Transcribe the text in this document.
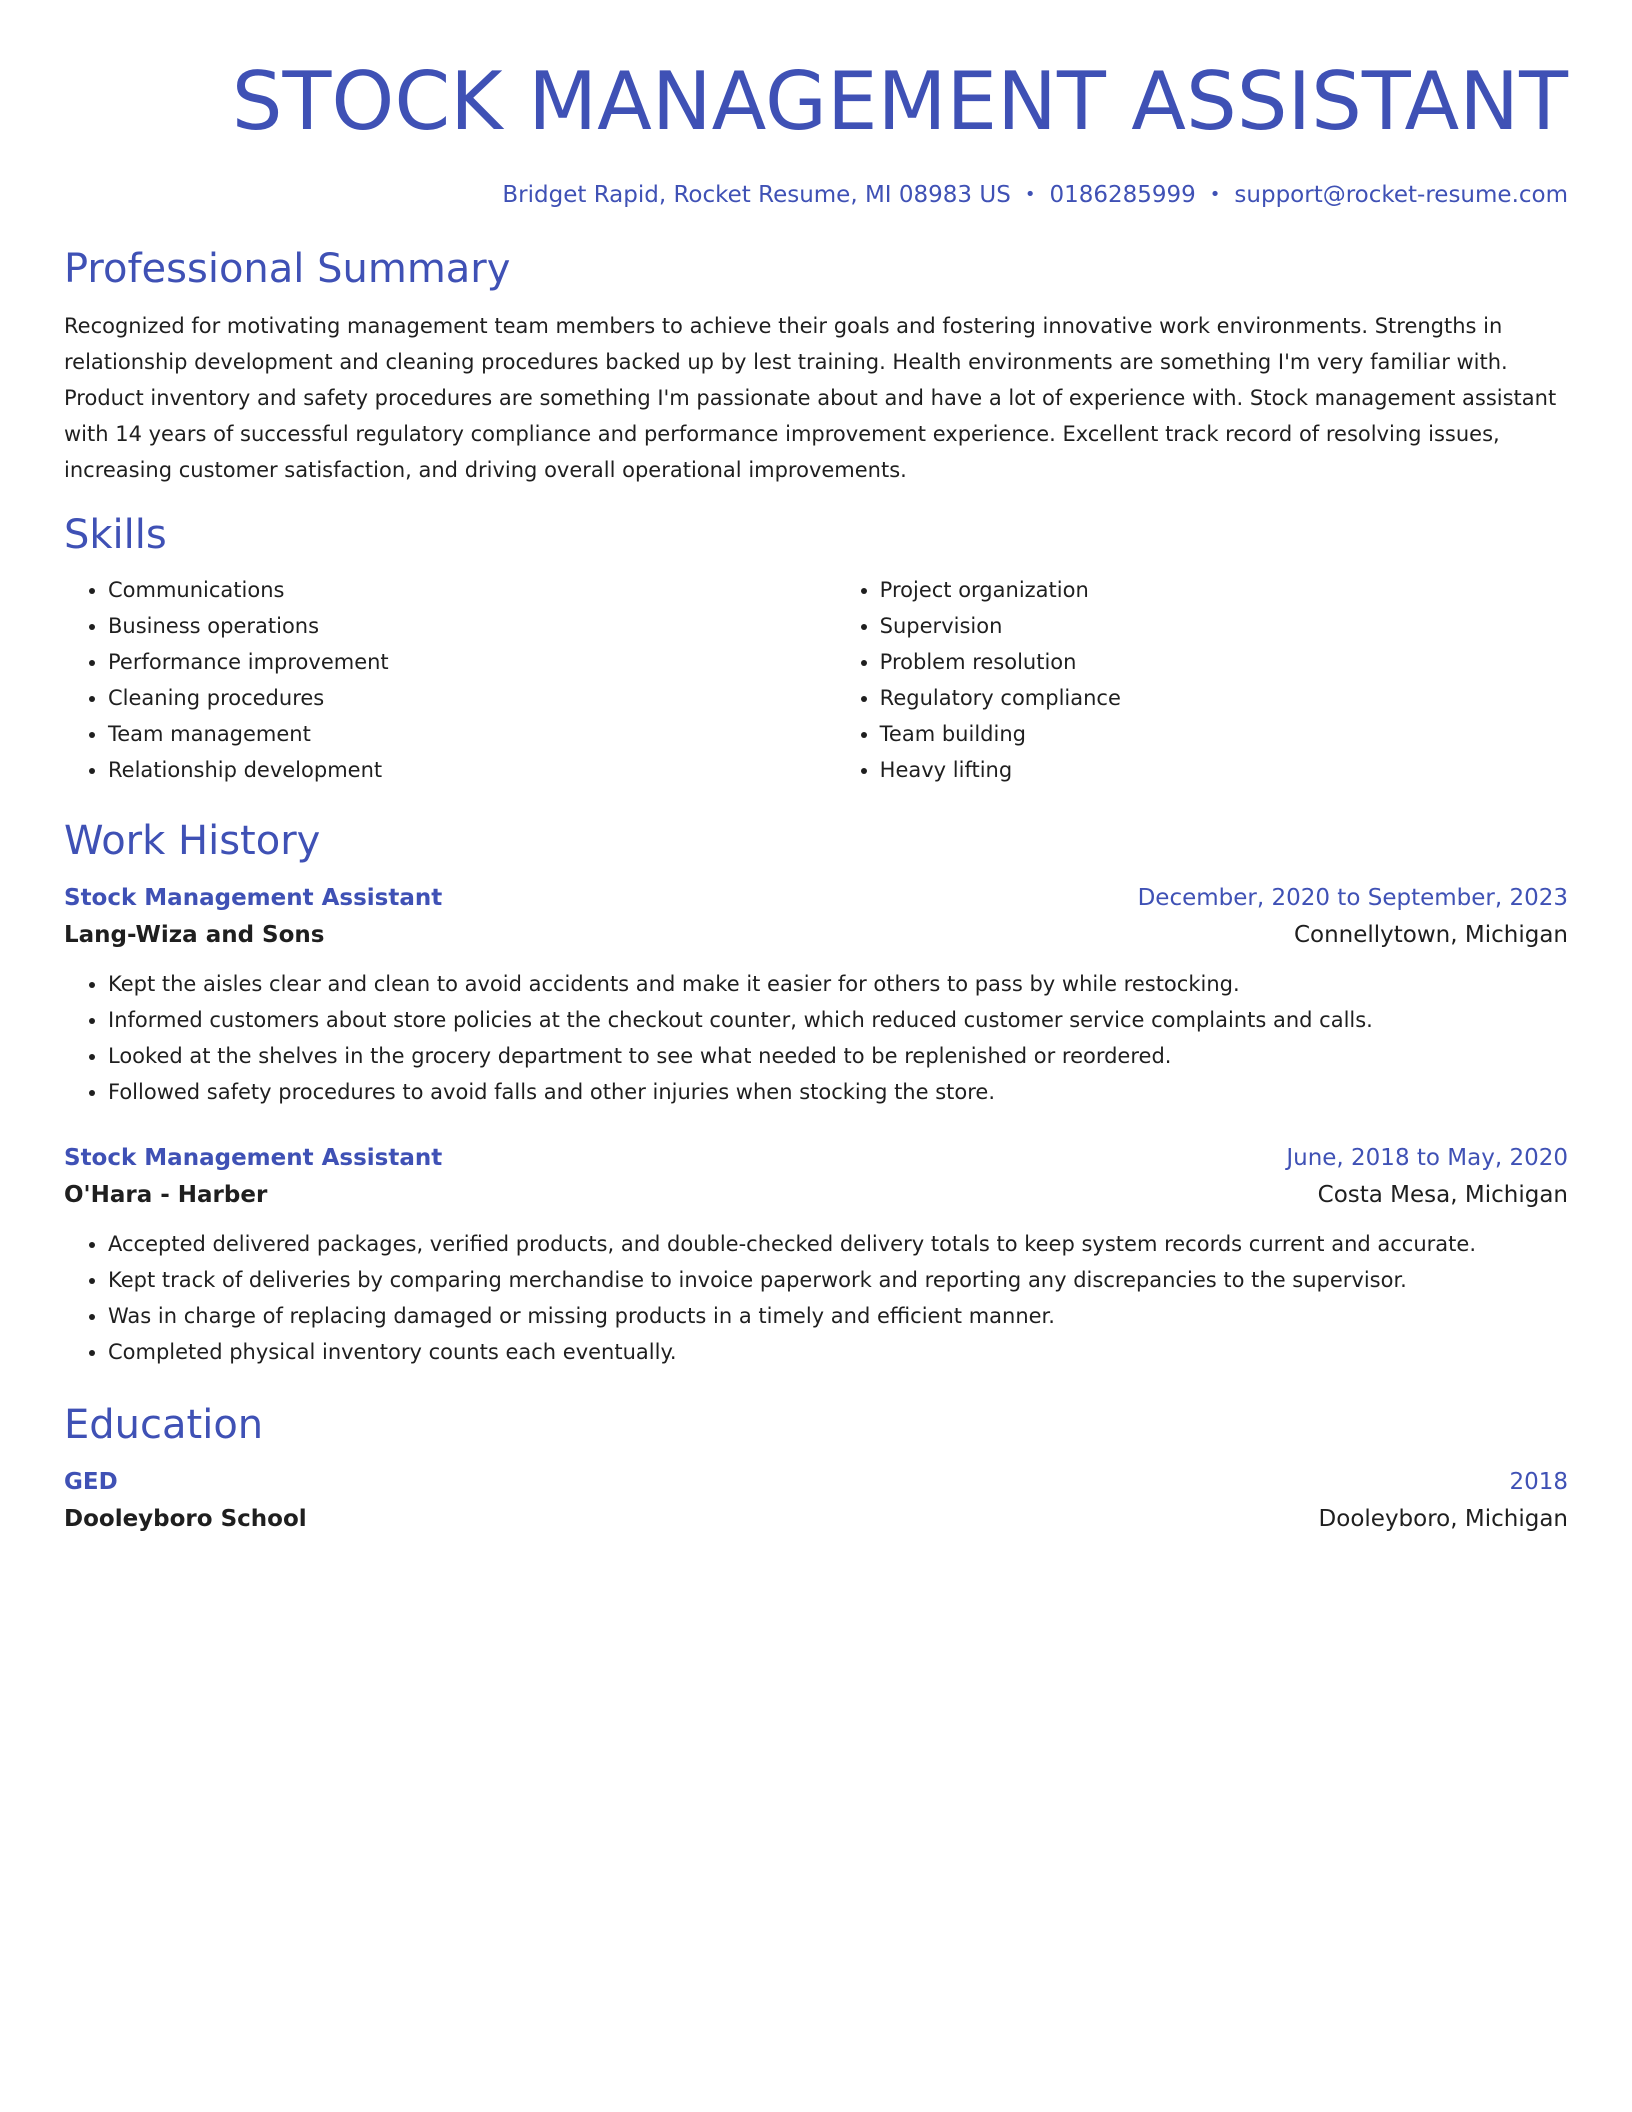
STOCK MANAGEMENT ASSISTANT
Bridget Rapid, Rocket Resume, MI 08983 US • 0186285999 • support@rocket-resume.com
Professional Summary

Recognized for motivating management team members to achieve their goals and fostering innovative work environments. Strengths in relationship development and cleaning procedures backed up by lest training. Health environments are something I'm very familiar with. Product inventory and safety procedures are something I'm passionate about and have a lot of experience with. Stock management assistant with 14 years of successful regulatory compliance and performance improvement experience. Excellent track record of resolving issues, increasing customer satisfaction, and driving overall operational improvements.

Skills
• Communications
• Business operations
• Performance improvement
• Cleaning procedures
• Team management
• Relationship development
• Project organization
• Supervision
• Problem resolution
• Regulatory compliance
• Team building
• Heavy lifting
Work History
Stock Management Assistant	December, 2020 to September, 2023
Lang-Wiza and Sons	Connellytown, Michigan
• Kept the aisles clear and clean to avoid accidents and make it easier for others to pass by while restocking.
• Informed customers about store policies at the checkout counter, which reduced customer service complaints and calls.
• Looked at the shelves in the grocery department to see what needed to be replenished or reordered.
• Followed safety procedures to avoid falls and other injuries when stocking the store.
Stock Management Assistant	June, 2018 to May, 2020
O'Hara - Harber	Costa Mesa, Michigan
• Accepted delivered packages, verified products, and double-checked delivery totals to keep system records current and accurate.
• Kept track of deliveries by comparing merchandise to invoice paperwork and reporting any discrepancies to the supervisor.
• Was in charge of replacing damaged or missing products in a timely and efficient manner.
• Completed physical inventory counts each eventually.
Education
GED	2018
Dooleyboro School	Dooleyboro, Michigan
